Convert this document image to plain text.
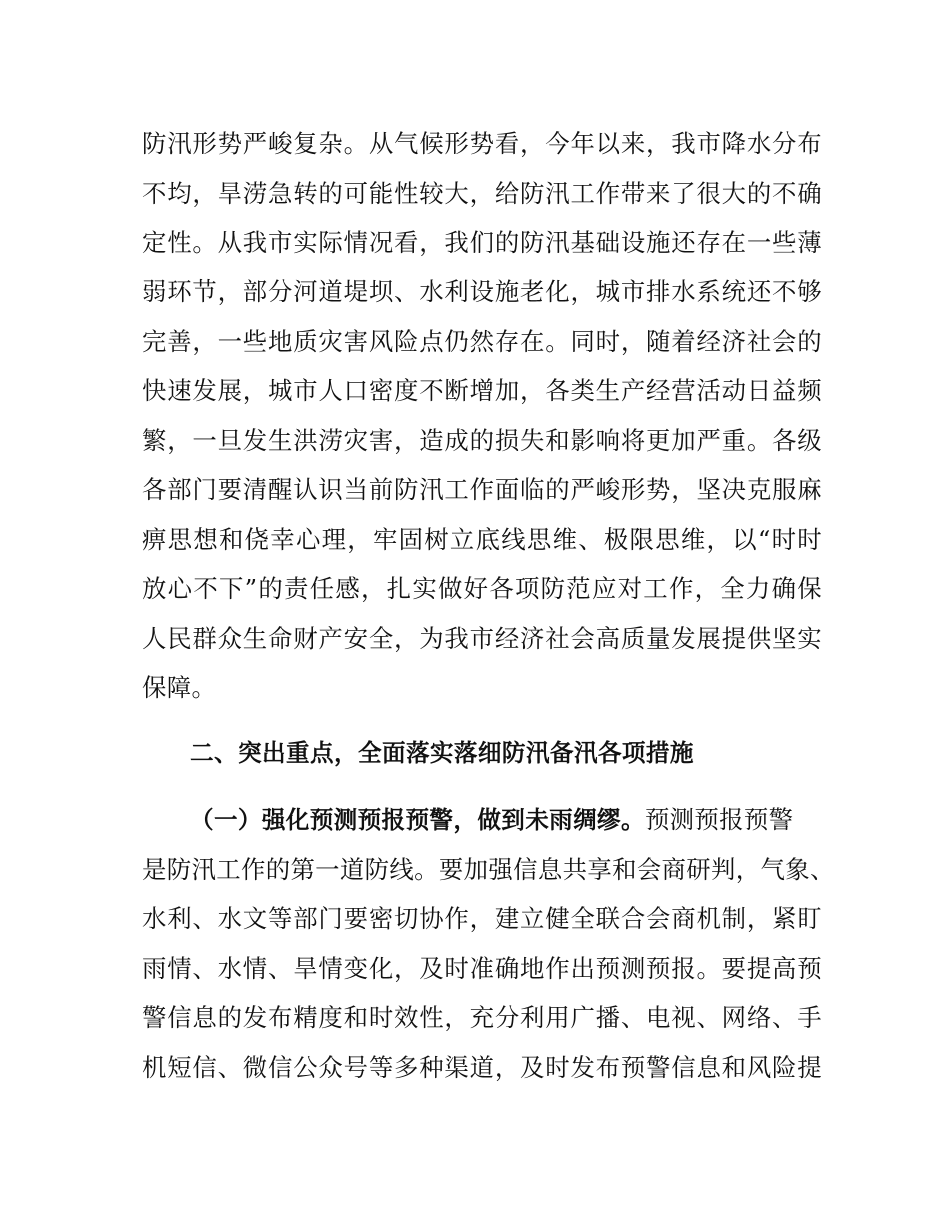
防汛形势严峻复杂。从气候形势看，今年以来，我市降水分布
不均，旱涝急转的可能性较大，给防汛工作带来了很大的不确
定性。从我市实际情况看，我们的防汛基础设施还存在一些薄
弱环节，部分河道堤坝、水利设施老化，城市排水系统还不够
完善，一些地质灾害风险点仍然存在。同时，随着经济社会的
快速发展，城市人口密度不断增加，各类生产经营活动日益频
繁，一旦发生洪涝灾害，造成的损失和影响将更加严重。各级
各部门要清醒认识当前防汛工作面临的严峻形势，坚决克服麻
痹思想和侥幸心理，牢固树立底线思维、极限思维，以“时时
放心不下”的责任感，扎实做好各项防范应对工作，全力确保
人民群众生命财产安全，为我市经济社会高质量发展提供坚实
保障。
二、突出重点，全面落实落细防汛备汛各项措施
（一）强化预测预报预警，做到未雨绸缪。预测预报预警
是防汛工作的第一道防线。要加强信息共享和会商研判，气象、
水利、水文等部门要密切协作，建立健全联合会商机制，紧盯
雨情、水情、旱情变化，及时准确地作出预测预报。要提高预
警信息的发布精度和时效性，充分利用广播、电视、网络、手
机短信、微信公众号等多种渠道，及时发布预警信息和风险提
